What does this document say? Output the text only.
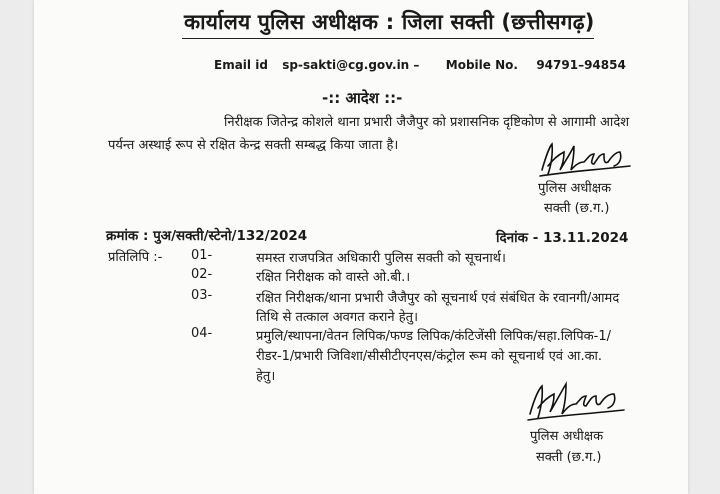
कार्यालय पुलिस अधीक्षक : जिला सक्ती (छत्तीसगढ़)
Email id sp-sakti@cg.gov.in – Mobile No. 94791–94854
-:: आदेश ::-
निरीक्षक जितेन्द्र कोशले थाना प्रभारी जैजैपुर को प्रशासनिक दृष्टिकोण से आगामी आदेश
पर्यन्त अस्थाई रूप से रक्षित केन्द्र सक्ती सम्बद्ध किया जाता है।
पुलिस अधीक्षक
सक्ती (छ.ग.)
क्रमांक : पुअ/सक्ती/स्टेनो/132/2024	दिनांक - 13.11.2024
प्रतिलिपि :- 01-	समस्त राजपत्रित अधिकारी पुलिस सक्ती को सूचनार्थ।
02-	रक्षित निरीक्षक को वास्ते ओ.बी.।
03-	रक्षित निरीक्षक/थाना प्रभारी जैजैपुर को सूचनार्थ एवं संबंधित के रवानगी/आमद
तिथि से तत्काल अवगत कराने हेतु।
04-	प्रमुलि/स्थापना/वेतन लिपिक/फण्ड लिपिक/कंटिजेंसी लिपिक/सहा.लिपिक-1/
रीडर-1/प्रभारी जिविशा/सीसीटीएनएस/कंट्रोल रूम को सूचनार्थ एवं आ.का.
हेतु।
पुलिस अधीक्षक
सक्ती (छ.ग.)
